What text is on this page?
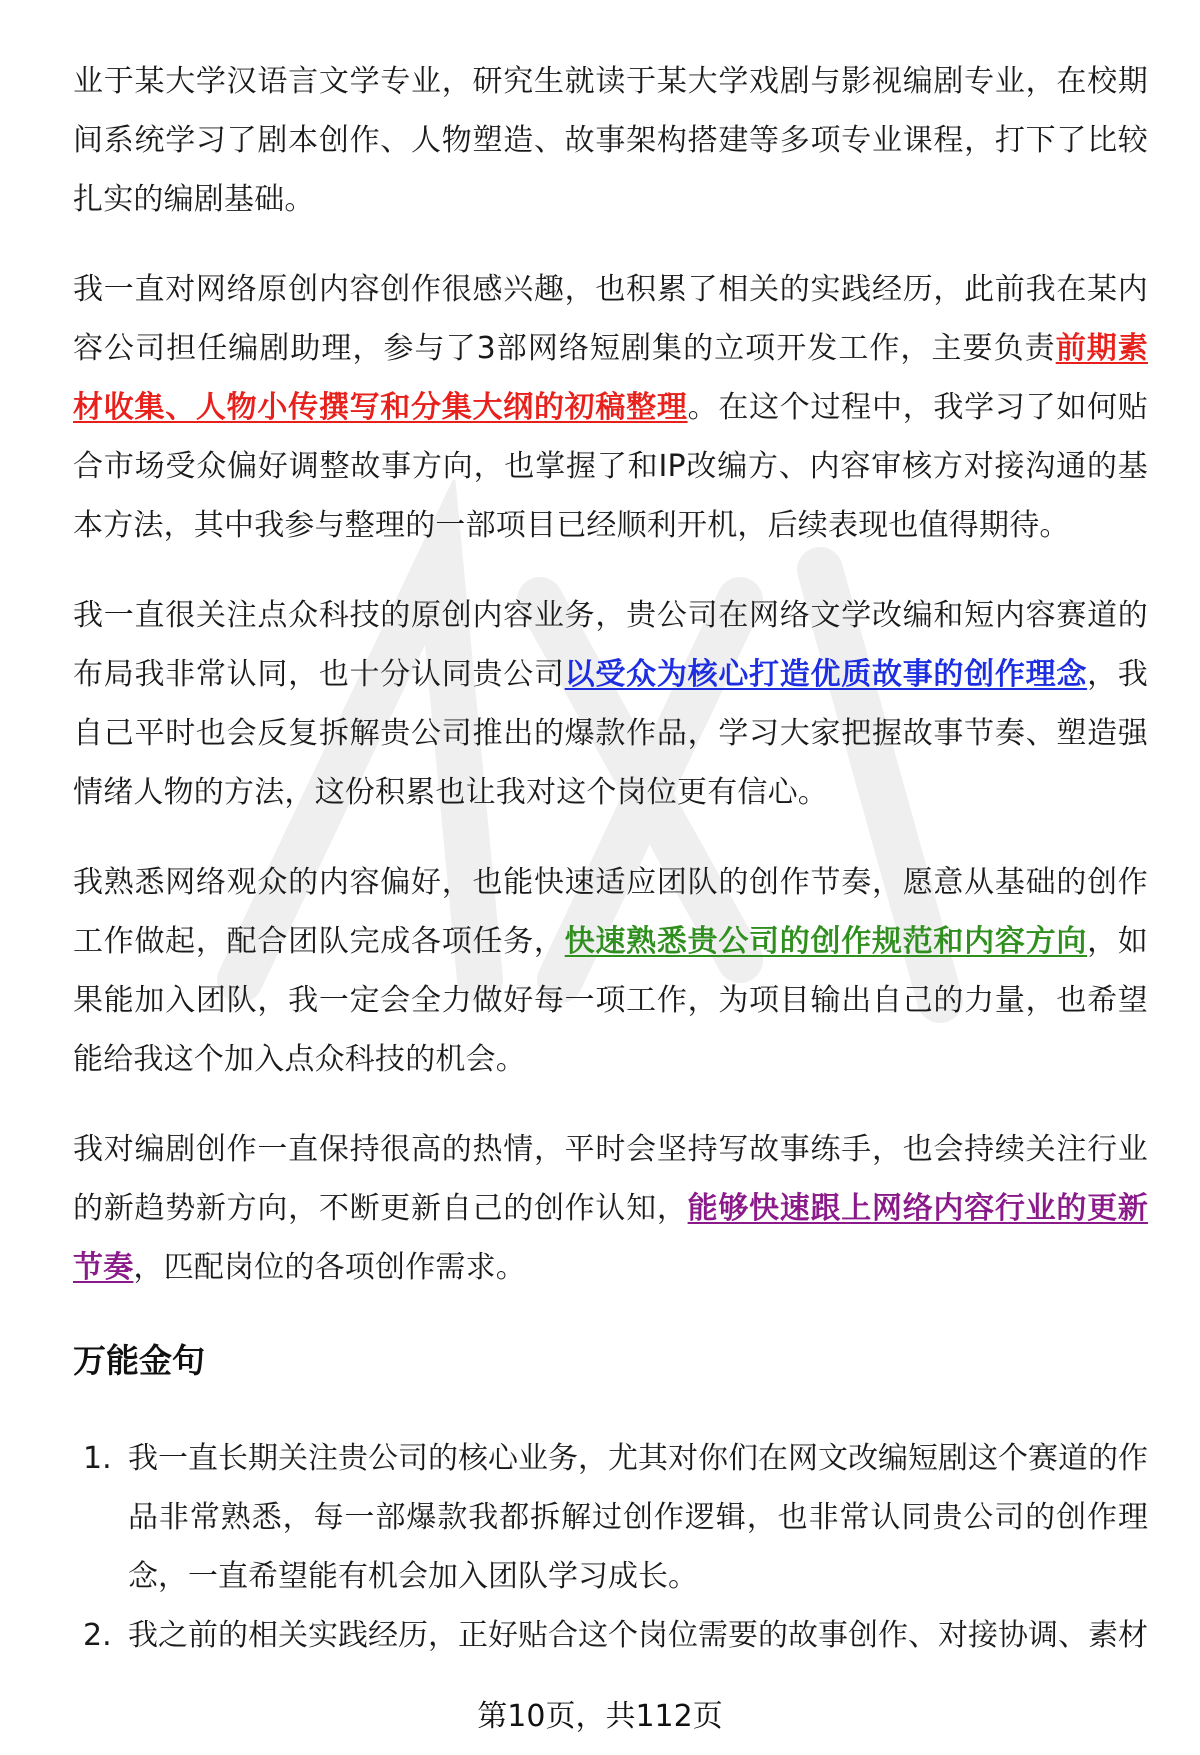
业于某大学汉语言文学专业，研究生就读于某大学戏剧与影视编剧专业，在校期间系统学习了剧本创作、人物塑造、故事架构搭建等多项专业课程，打下了比较扎实的编剧基础。

我一直对网络原创内容创作很感兴趣，也积累了相关的实践经历，此前我在某内容公司担任编剧助理，参与了3部网络短剧集的立项开发工作，主要负责前期素材收集、人物小传撰写和分集大纲的初稿整理。在这个过程中，我学习了如何贴合市场受众偏好调整故事方向，也掌握了和IP改编方、内容审核方对接沟通的基本方法，其中我参与整理的一部项目已经顺利开机，后续表现也值得期待。

我一直很关注点众科技的原创内容业务，贵公司在网络文学改编和短内容赛道的布局我非常认同，也十分认同贵公司以受众为核心打造优质故事的创作理念，我自己平时也会反复拆解贵公司推出的爆款作品，学习大家把握故事节奏、塑造强情绪人物的方法，这份积累也让我对这个岗位更有信心。

我熟悉网络观众的内容偏好，也能快速适应团队的创作节奏，愿意从基础的创作工作做起，配合团队完成各项任务，快速熟悉贵公司的创作规范和内容方向，如果能加入团队，我一定会全力做好每一项工作，为项目输出自己的力量，也希望能给我这个加入点众科技的机会。

我对编剧创作一直保持很高的热情，平时会坚持写故事练手，也会持续关注行业的新趋势新方向，不断更新自己的创作认知，能够快速跟上网络内容行业的更新节奏，匹配岗位的各项创作需求。

万能金句
1. 我一直长期关注贵公司的核心业务，尤其对你们在网文改编短剧这个赛道的作品非常熟悉，每一部爆款我都拆解过创作逻辑，也非常认同贵公司的创作理念，一直希望能有机会加入团队学习成长。
2. 我之前的相关实践经历，正好贴合这个岗位需要的故事创作、对接协调、素材
第10页，共112页
